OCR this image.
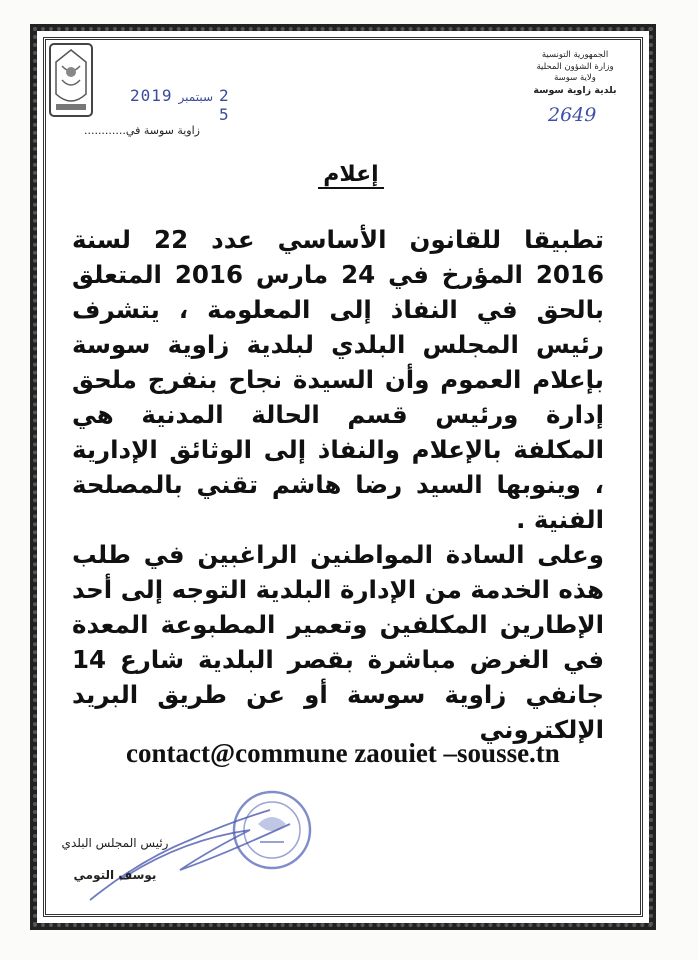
2019 سبتمبر 2 5
الجمهورية التونسية
وزارة الشؤون المحلية
ولاية سوسة
بلدية زاوية سوسة
2649
زاوية سوسة في............
إعلام

تطبيقا للقانون الأساسي عدد 22 لسنة 2016 المؤرخ في 24 مارس 2016 المتعلق بالحق في النفاذ إلى المعلومة ، يتشرف رئيس المجلس البلدي لبلدية زاوية سوسة بإعلام العموم وأن السيدة نجاح بنفرج ملحق إدارة ورئيس قسم الحالة المدنية هي المكلفة بالإعلام والنفاذ إلى الوثائق الإدارية ، وينوبها السيد رضا هاشم تقني بالمصلحة الفنية .

وعلى السادة المواطنين الراغبين في طلب هذه الخدمة من الإدارة البلدية التوجه إلى أحد الإطارين المكلفين وتعمير المطبوعة المعدة في الغرض مباشرة بقصر البلدية شارع 14 جانفي زاوية سوسة أو عن طريق البريد الإلكتروني

contact@commune zaouiet –sousse.tn
رئيس المجلس البلدي
يوسف التومي
